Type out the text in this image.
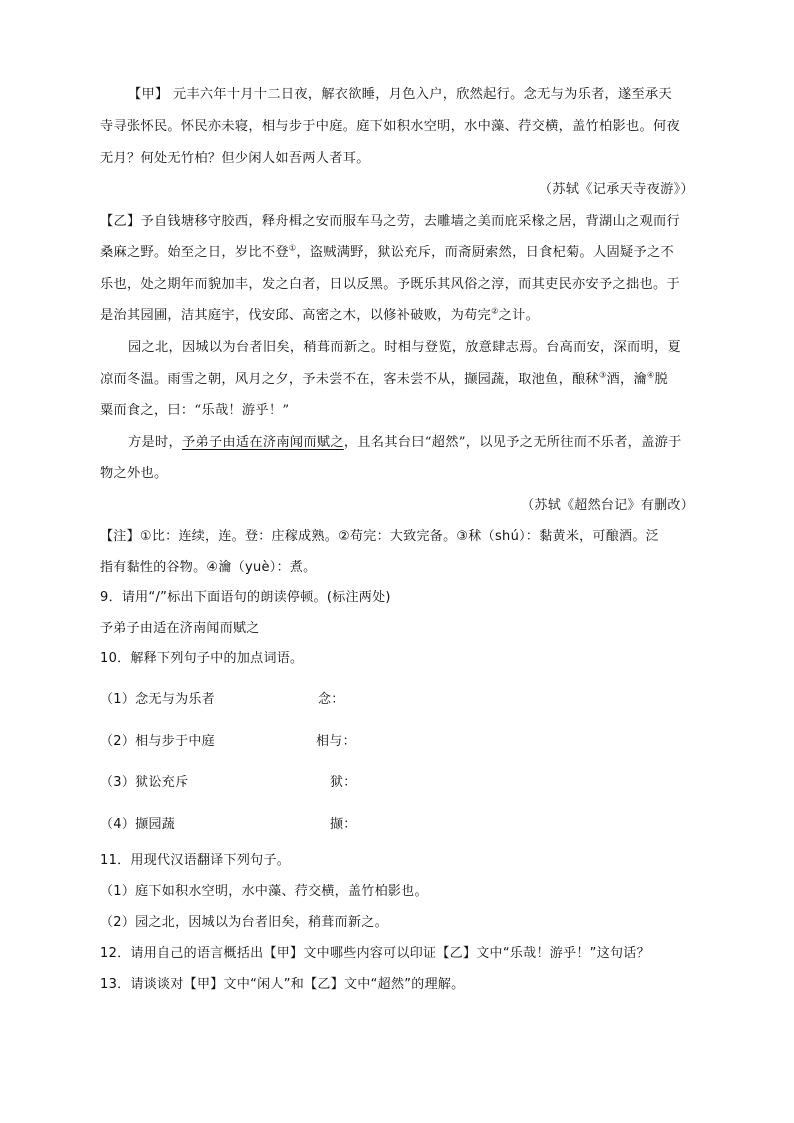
【甲】 元丰六年十月十二日夜，解衣欲睡，月色入户，欣然起行。念无与为乐者，遂至承天
寺寻张怀民。怀民亦未寝，相与步于中庭。庭下如积水空明，水中藻、荇交横，盖竹柏影也。何夜
无月？何处无竹柏？但少闲人如吾两人者耳。
（苏轼《记承天寺夜游》）
【乙】予自钱塘移守胶西，释舟楫之安而服车马之劳，去雕墙之美而庇采椽之居，背湖山之观而行
桑麻之野。始至之日，岁比不登①，盗贼满野，狱讼充斥，而斋厨索然，日食杞菊。人固疑予之不
乐也，处之期年而貌加丰，发之白者，日以反黑。予既乐其风俗之淳，而其吏民亦安予之拙也。于
是治其园圃，洁其庭宇，伐安邱、高密之木，以修补破败，为苟完②之计。
园之北，因城以为台者旧矣，稍葺而新之。时相与登览，放意肆志焉。台高而安，深而明，夏
凉而冬温。雨雪之朝，风月之夕，予未尝不在，客未尝不从，撷园蔬，取池鱼，酿秫③酒，瀹④脱
粟而食之，曰：“乐哉！游乎！”
方是时，予弟子由适在济南闻而赋之，且名其台曰“超然”，以见予之无所往而不乐者，盖游于
物之外也。
（苏轼《超然台记》有删改）
【注】①比：连续，连。登：庄稼成熟。②苟完：大致完备。③秫（shú）：黏黄米，可酿酒。泛
指有黏性的谷物。④瀹（yuè）：煮。
9．请用“/”标出下面语句的朗读停顿。(标注两处)
予弟子由适在济南闻而赋之
10．解释下列句子中的加点词语。
（1）念无与为乐者	念：
（2）相与步于中庭	相与：
（3）狱讼充斥	狱：
（4）撷园蔬	撷：
11．用现代汉语翻译下列句子。
（1）庭下如积水空明，水中藻、荇交横，盖竹柏影也。
（2）园之北，因城以为台者旧矣，稍葺而新之。
12．请用自己的语言概括出【甲】文中哪些内容可以印证【乙】文中“乐哉！游乎！”这句话？
13．请谈谈对【甲】文中“闲人”和【乙】文中“超然”的理解。
